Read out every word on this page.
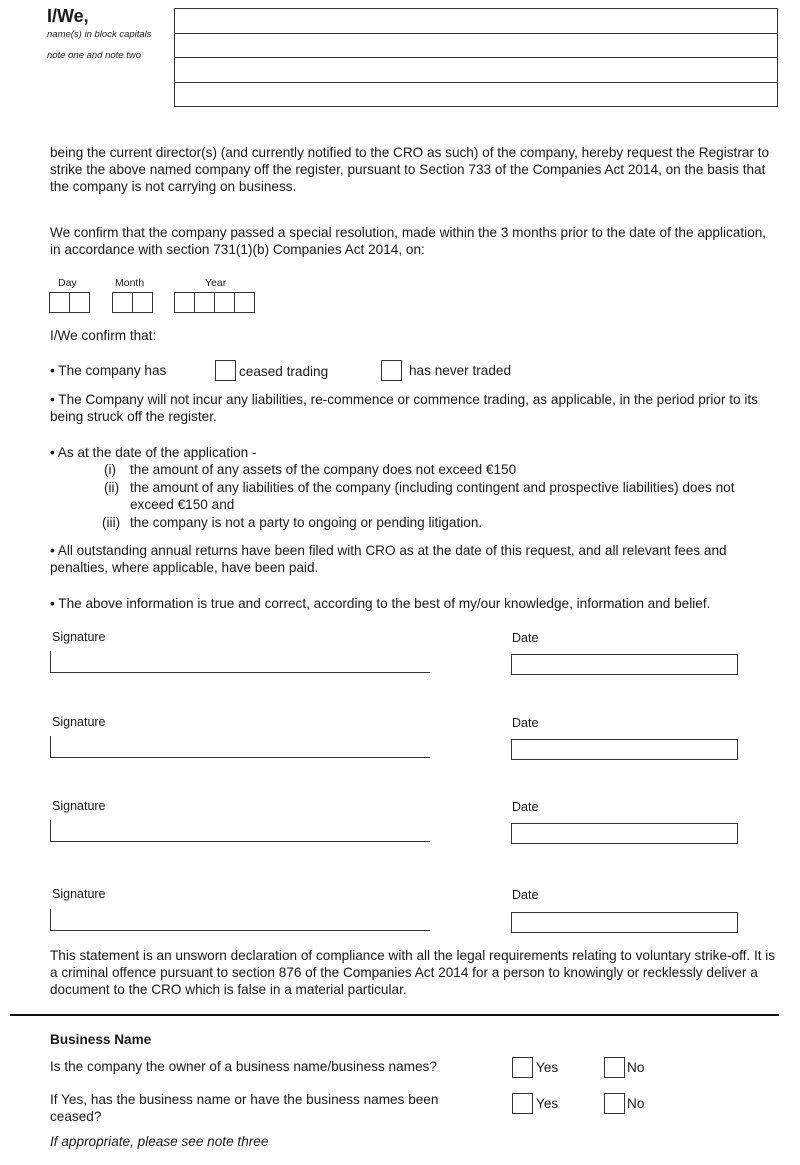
I/We,
name(s) in block capitals
note one and note two

being the current director(s) (and currently notified to the CRO as such) of the company, hereby request the Registrar to strike the above named company off the register, pursuant to Section 733 of the Companies Act 2014, on the basis that the company is not carrying on business.

We confirm that the company passed a special resolution, made within the 3 months prior to the date of the application, in accordance with section 731(1)(b) Companies Act 2014, on:

Day	Month	Year
I/We confirm that:
• The company has	ceased trading	has never traded

• The Company will not incur any liabilities, re-commence or commence trading, as applicable, in the period prior to its being struck off the register.

• As at the date of the application -
(i) the amount of any assets of the company does not exceed €150
(ii) the amount of any liabilities of the company (including contingent and prospective liabilities) does not exceed €150 and
(iii) the company is not a party to ongoing or pending litigation.

• All outstanding annual returns have been filed with CRO as at the date of this request, and all relevant fees and penalties, where applicable, have been paid.

• The above information is true and correct, according to the best of my/our knowledge, information and belief.

Signature	Date
Signature	Date
Signature	Date
Signature	Date

This statement is an unsworn declaration of compliance with all the legal requirements relating to voluntary strike-off. It is a criminal offence pursuant to section 876 of the Companies Act 2014 for a person to knowingly or recklessly deliver a document to the CRO which is false in a material particular.

Business Name
Is the company the owner of a business name/business names?	Yes	No
If Yes, has the business name or have the business names been ceased?
Yes	No
If appropriate, please see note three
